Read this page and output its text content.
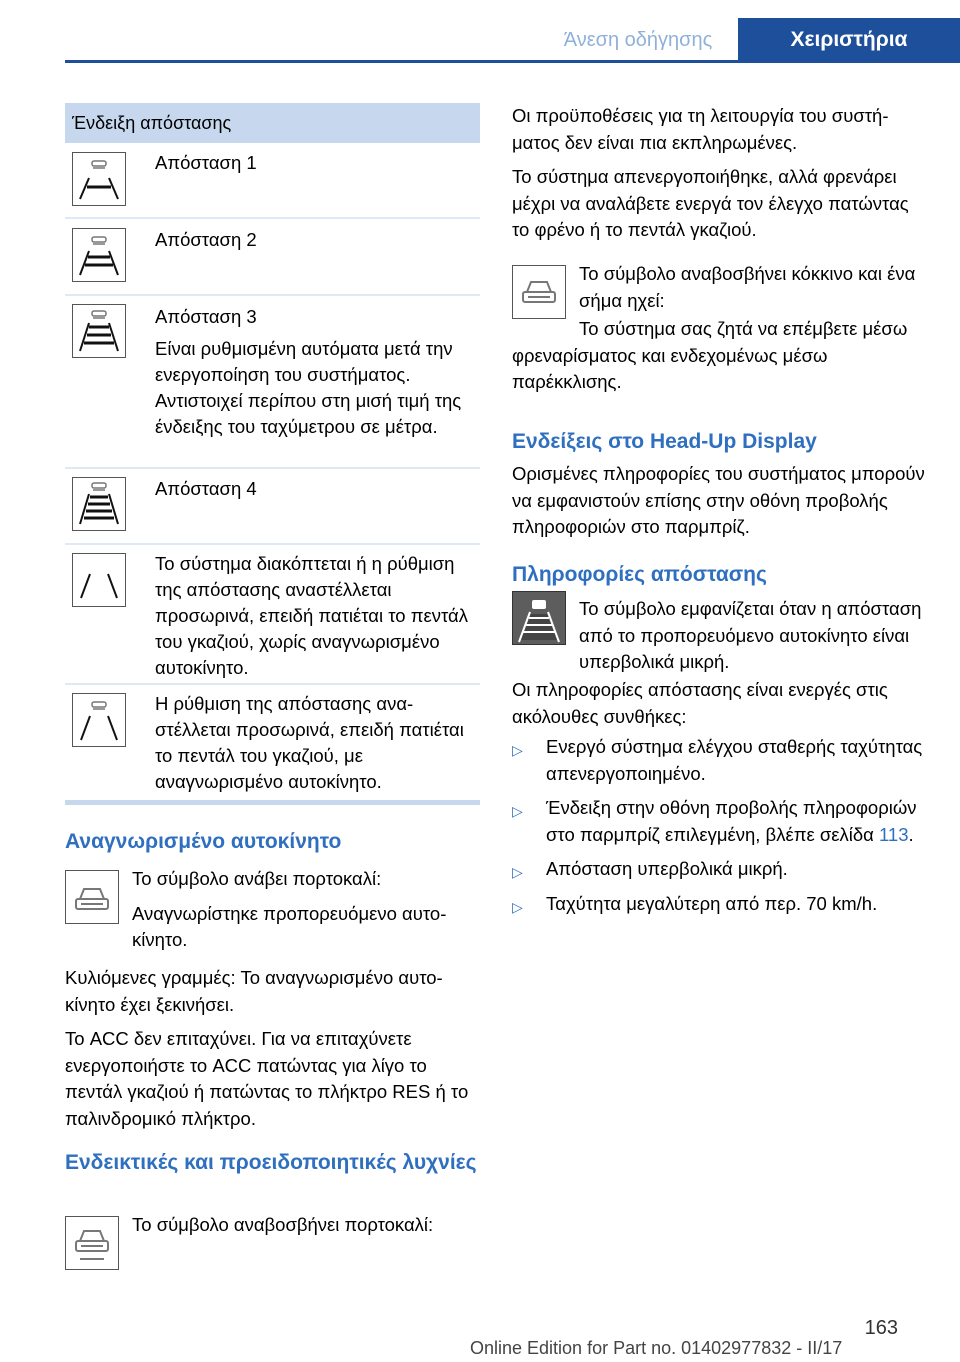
Άνεση οδήγησης	Χειριστήρια
Ένδειξη απόστασης
Απόσταση 1
Απόσταση 2

Απόσταση 3

Είναι ρυθμισμένη αυτόματα μετά την ενεργοποίηση του συστήματος. Αντιστοιχεί περίπου στη μισή τιμή της ένδειξης του ταχύμετρου σε μέτρα.

Απόσταση 4
Το σύστημα διακόπτεται ή η ρύθμιση της απόστασης αναστέλλεται προσωρινά, επειδή πατιέται το πεντάλ του γκαζιού, χωρίς αναγνωρισμένο αυτοκίνητο.
Η ρύθμιση της απόστασης αναστέλλεται προσωρινά, επειδή πατιέται το πεντάλ του γκαζιού, με αναγνωρισμένο αυτοκίνητο.
Αναγνωρισμένο αυτοκίνητο

Το σύμβολο ανάβει πορτοκαλί:

Αναγνωρίστηκε προπορευόμενο αυτοκίνητο.

Κυλιόμενες γραμμές: Το αναγνωρισμένο αυτοκίνητο έχει ξεκινήσει.

Το ACC δεν επιταχύνει. Για να επιταχύνετε ενεργοποιήστε το ACC πατώντας για λίγο το πεντάλ γκαζιού ή πατώντας το πλήκτρο RES ή το παλινδρομικό πλήκτρο.

Ενδεικτικές και προειδοποιητικές λυχνίες
Το σύμβολο αναβοσβήνει πορτοκαλί:

Οι προϋποθέσεις για τη λειτουργία του συστήματος δεν είναι πια εκπληρωμένες.

Το σύστημα απενεργοποιήθηκε, αλλά φρενάρει μέχρι να αναλάβετε ενεργά τον έλεγχο πατώντας το φρένο ή το πεντάλ γκαζιού.

Το σύμβολο αναβοσβήνει κόκκινο και ένα σήμα ηχεί:
Το σύστημα σας ζητά να επέμβετε μέσω φρεναρίσματος και ενδεχομένως μέσω παρέκκλισης.
Ενδείξεις στο Head-Up Display
Ορισμένες πληροφορίες του συστήματος μπορούν να εμφανιστούν επίσης στην οθόνη προβολής πληροφοριών στο παρμπρίζ.
Πληροφορίες απόστασης
Το σύμβολο εμφανίζεται όταν η απόσταση από το προπορευόμενο αυτοκίνητο είναι υπερβολικά μικρή.
Οι πληροφορίες απόστασης είναι ενεργές στις ακόλουθες συνθήκες:
▷ Ενεργό σύστημα ελέγχου σταθερής ταχύτητας απενεργοποιημένο.
▷ Ένδειξη στην οθόνη προβολής πληροφοριών στο παρμπρίζ επιλεγμένη, βλέπε σελίδα 113.
▷ Απόσταση υπερβολικά μικρή.
▷ Ταχύτητα μεγαλύτερη από περ. 70 km/h.
163
Online Edition for Part no. 01402977832 - II/17
